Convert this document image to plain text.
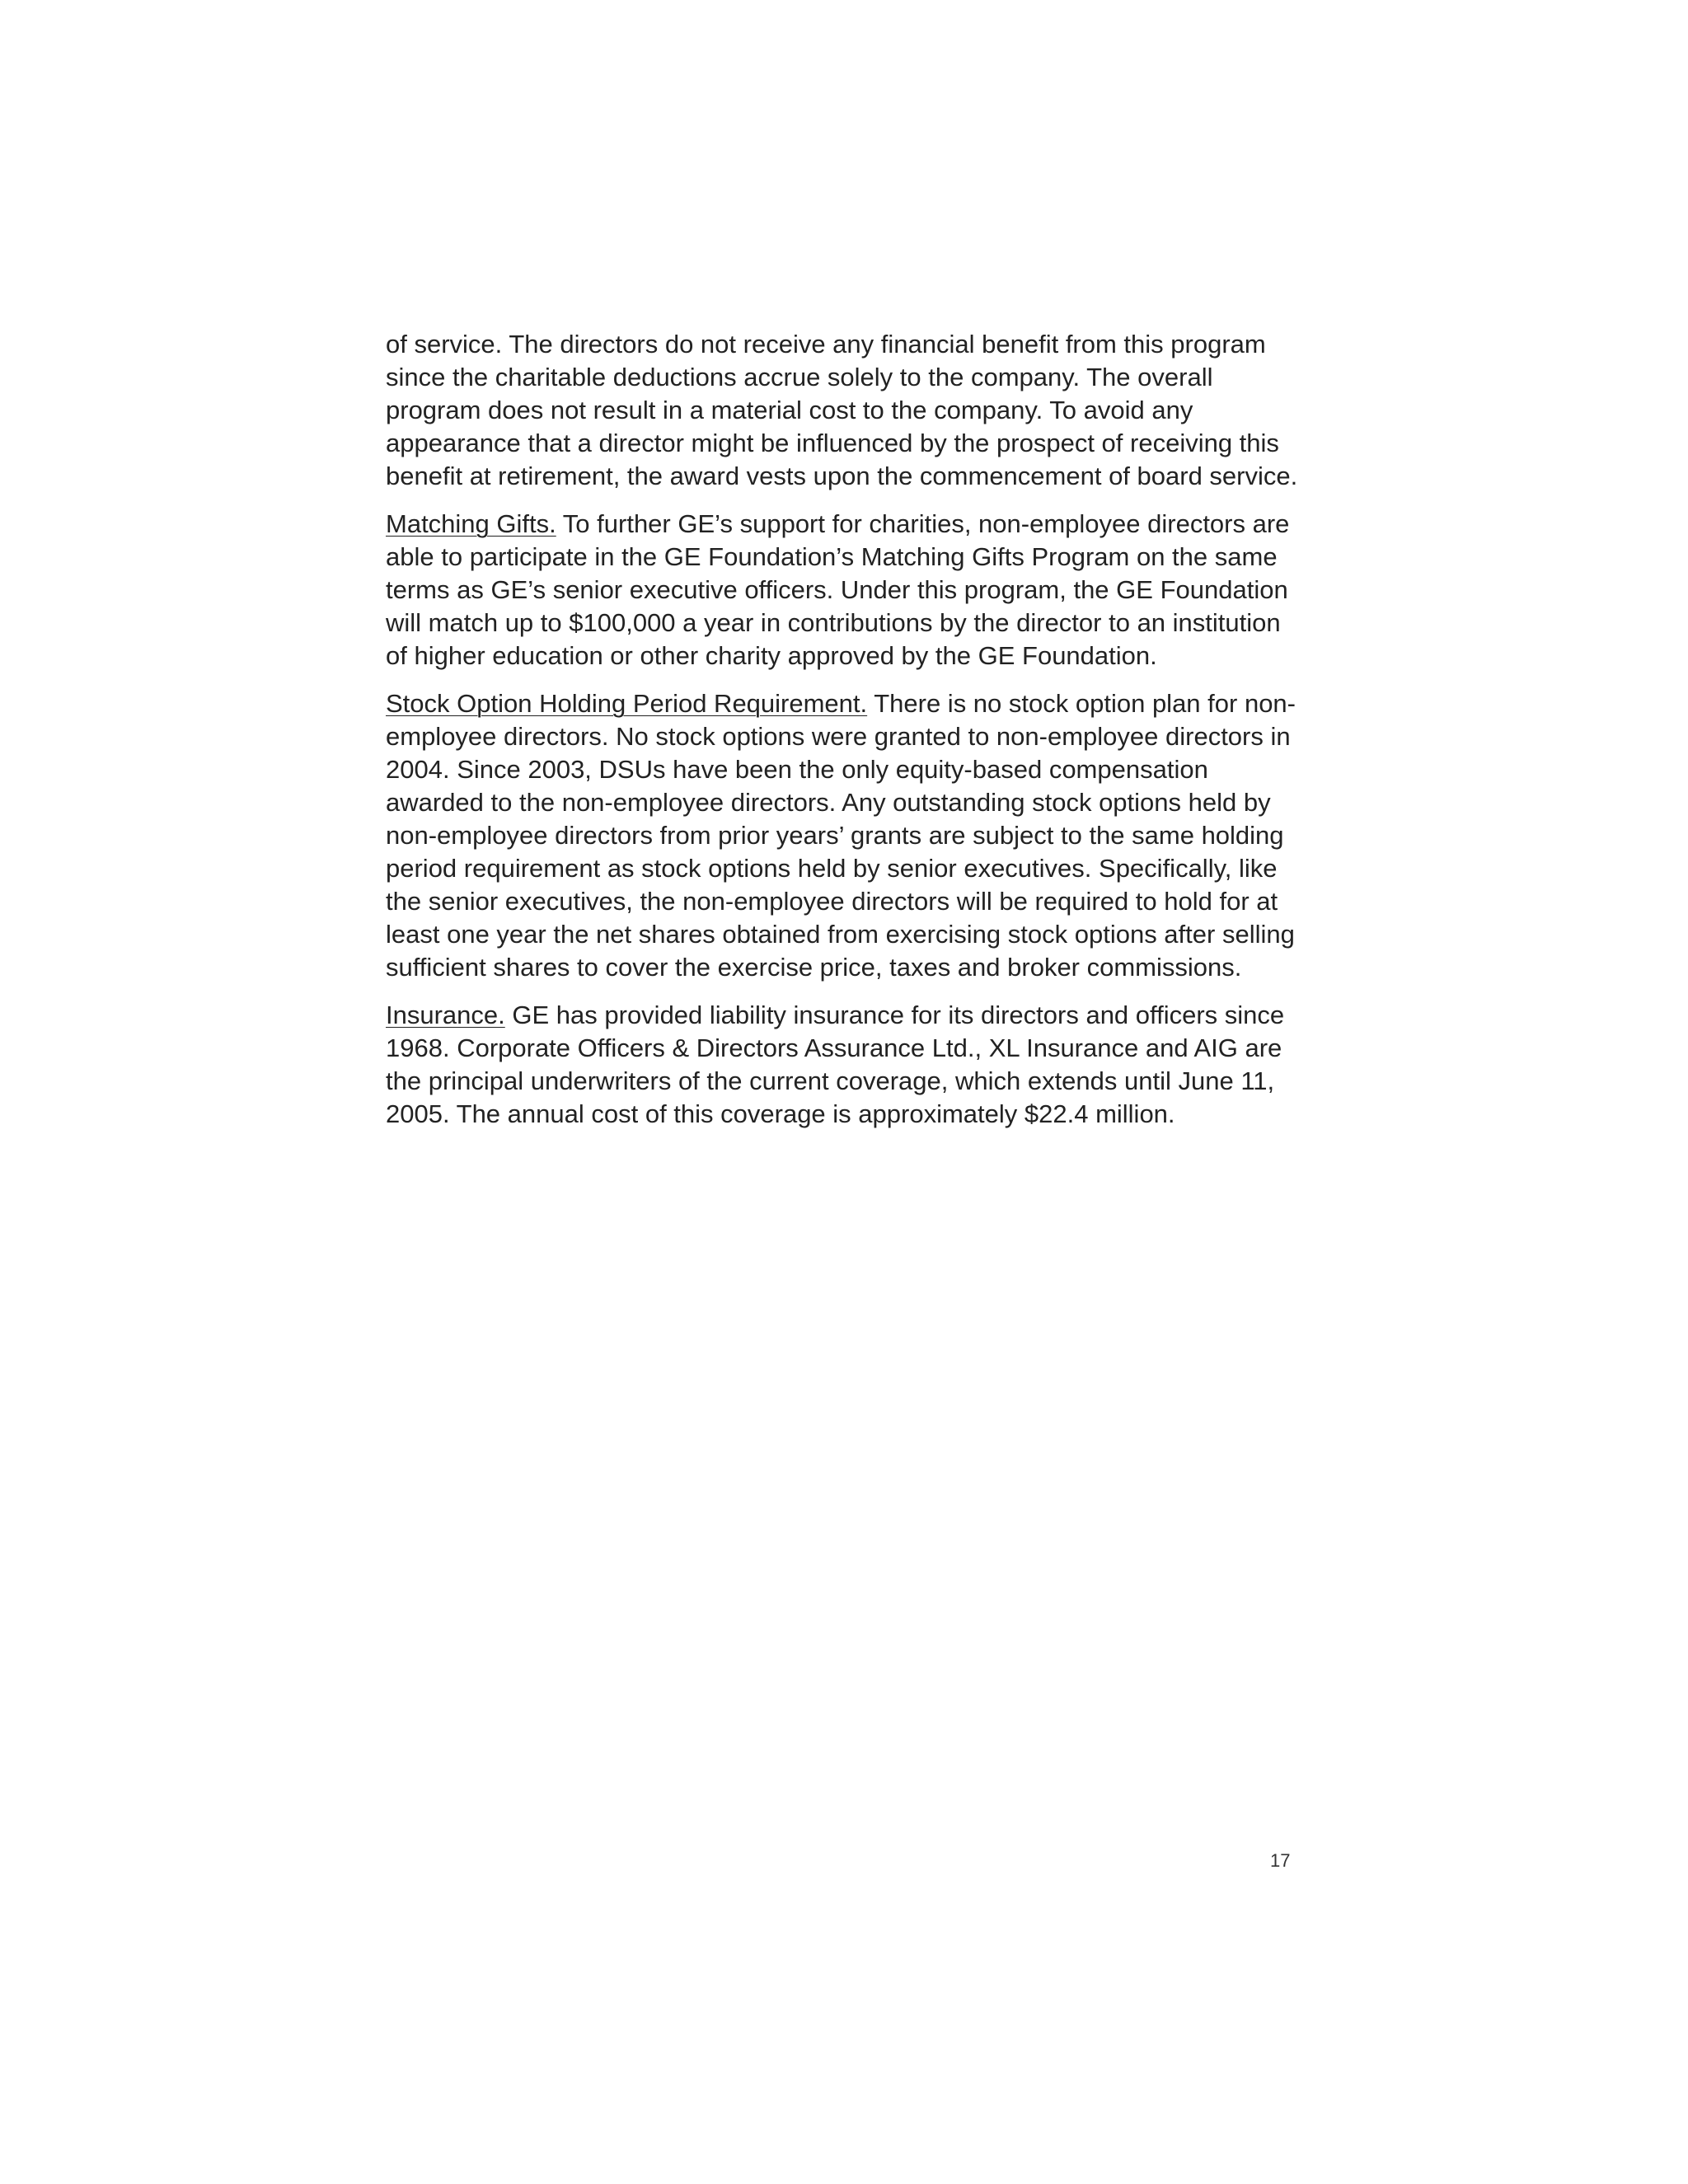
of service. The directors do not receive any financial benefit from this program since the charitable deductions accrue solely to the company. The overall program does not result in a material cost to the company. To avoid any appearance that a director might be influenced by the prospect of receiving this benefit at retirement, the award vests upon the commencement of board service.

Matching Gifts. To further GE’s support for charities, non-employee directors are able to participate in the GE Foundation’s Matching Gifts Program on the same terms as GE’s senior executive officers. Under this program, the GE Foundation will match up to $100,000 a year in contributions by the director to an institution of higher education or other charity approved by the GE Foundation.

Stock Option Holding Period Requirement. There is no stock option plan for non-employee directors. No stock options were granted to non-employee directors in 2004. Since 2003, DSUs have been the only equity-based compensation awarded to the non-employee directors. Any outstanding stock options held by non-employee directors from prior years’ grants are subject to the same holding period requirement as stock options held by senior executives. Specifically, like the senior executives, the non-employee directors will be required to hold for at least one year the net shares obtained from exercising stock options after selling sufficient shares to cover the exercise price, taxes and broker commissions.

Insurance. GE has provided liability insurance for its directors and officers since 1968. Corporate Officers & Directors Assurance Ltd., XL Insurance and AIG are the principal underwriters of the current coverage, which extends until June 11, 2005. The annual cost of this coverage is approximately $22.4 million.

17
